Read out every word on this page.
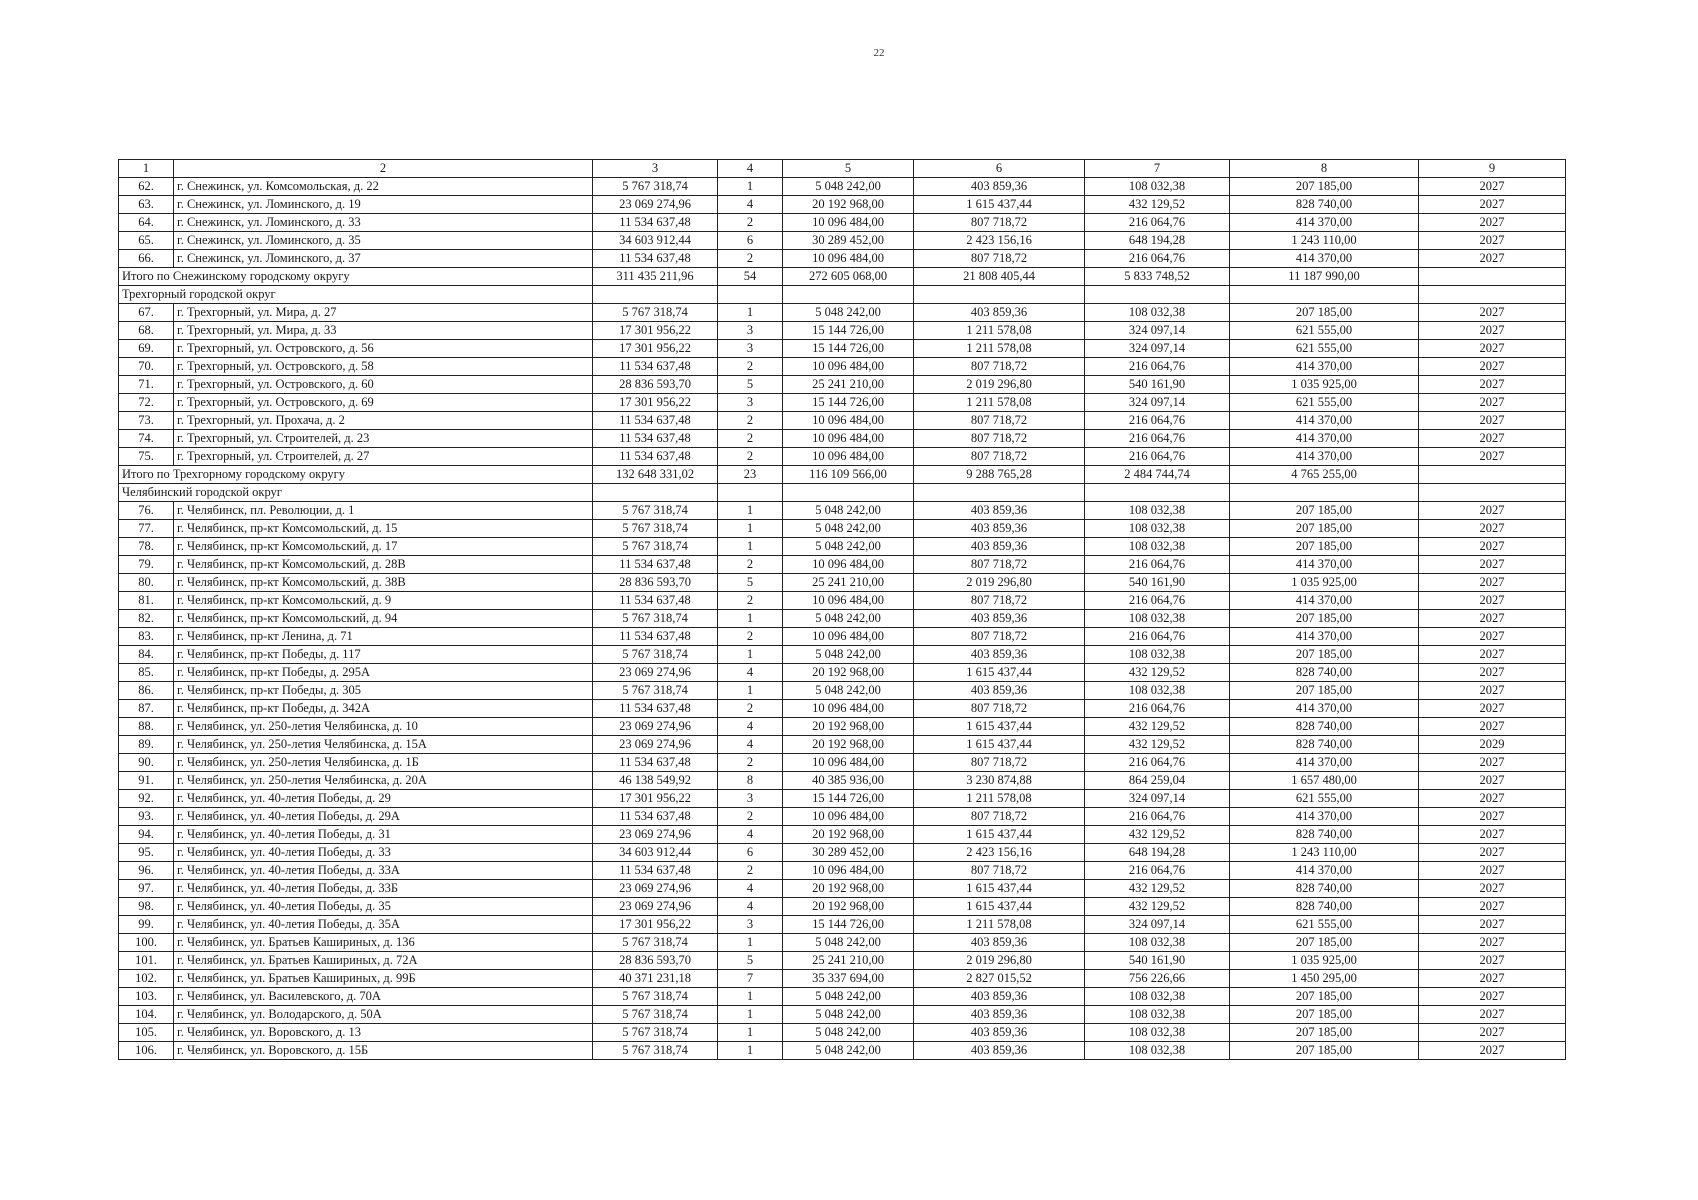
22
1	2	3	4	5	6	7	8	9
62.	г. Снежинск, ул. Комсомольская, д. 22	5 767 318,74	1	5 048 242,00	403 859,36	108 032,38	207 185,00	2027
63.	г. Снежинск, ул. Ломинского, д. 19	23 069 274,96	4	20 192 968,00	1 615 437,44	432 129,52	828 740,00	2027
64.	г. Снежинск, ул. Ломинского, д. 33	11 534 637,48	2	10 096 484,00	807 718,72	216 064,76	414 370,00	2027
65.	г. Снежинск, ул. Ломинского, д. 35	34 603 912,44	6	30 289 452,00	2 423 156,16	648 194,28	1 243 110,00	2027
66.	г. Снежинск, ул. Ломинского, д. 37	11 534 637,48	2	10 096 484,00	807 718,72	216 064,76	414 370,00	2027
Итого по Снежинскому городскому округу		311 435 211,96	54	272 605 068,00	21 808 405,44	5 833 748,52	11 187 990,00	
Трехгорный городской округ								
67.	г. Трехгорный, ул. Мира, д. 27	5 767 318,74	1	5 048 242,00	403 859,36	108 032,38	207 185,00	2027
68.	г. Трехгорный, ул. Мира, д. 33	17 301 956,22	3	15 144 726,00	1 211 578,08	324 097,14	621 555,00	2027
69.	г. Трехгорный, ул. Островского, д. 56	17 301 956,22	3	15 144 726,00	1 211 578,08	324 097,14	621 555,00	2027
70.	г. Трехгорный, ул. Островского, д. 58	11 534 637,48	2	10 096 484,00	807 718,72	216 064,76	414 370,00	2027
71.	г. Трехгорный, ул. Островского, д. 60	28 836 593,70	5	25 241 210,00	2 019 296,80	540 161,90	1 035 925,00	2027
72.	г. Трехгорный, ул. Островского, д. 69	17 301 956,22	3	15 144 726,00	1 211 578,08	324 097,14	621 555,00	2027
73.	г. Трехгорный, ул. Прохача, д. 2	11 534 637,48	2	10 096 484,00	807 718,72	216 064,76	414 370,00	2027
74.	г. Трехгорный, ул. Строителей, д. 23	11 534 637,48	2	10 096 484,00	807 718,72	216 064,76	414 370,00	2027
75.	г. Трехгорный, ул. Строителей, д. 27	11 534 637,48	2	10 096 484,00	807 718,72	216 064,76	414 370,00	2027
Итого по Трехгорному городскому округу		132 648 331,02	23	116 109 566,00	9 288 765,28	2 484 744,74	4 765 255,00	
Челябинский городской округ								
76.	г. Челябинск, пл. Революции, д. 1	5 767 318,74	1	5 048 242,00	403 859,36	108 032,38	207 185,00	2027
77.	г. Челябинск, пр-кт Комсомольский, д. 15	5 767 318,74	1	5 048 242,00	403 859,36	108 032,38	207 185,00	2027
78.	г. Челябинск, пр-кт Комсомольский, д. 17	5 767 318,74	1	5 048 242,00	403 859,36	108 032,38	207 185,00	2027
79.	г. Челябинск, пр-кт Комсомольский, д. 28В	11 534 637,48	2	10 096 484,00	807 718,72	216 064,76	414 370,00	2027
80.	г. Челябинск, пр-кт Комсомольский, д. 38В	28 836 593,70	5	25 241 210,00	2 019 296,80	540 161,90	1 035 925,00	2027
81.	г. Челябинск, пр-кт Комсомольский, д. 9	11 534 637,48	2	10 096 484,00	807 718,72	216 064,76	414 370,00	2027
82.	г. Челябинск, пр-кт Комсомольский, д. 94	5 767 318,74	1	5 048 242,00	403 859,36	108 032,38	207 185,00	2027
83.	г. Челябинск, пр-кт Ленина, д. 71	11 534 637,48	2	10 096 484,00	807 718,72	216 064,76	414 370,00	2027
84.	г. Челябинск, пр-кт Победы, д. 117	5 767 318,74	1	5 048 242,00	403 859,36	108 032,38	207 185,00	2027
85.	г. Челябинск, пр-кт Победы, д. 295А	23 069 274,96	4	20 192 968,00	1 615 437,44	432 129,52	828 740,00	2027
86.	г. Челябинск, пр-кт Победы, д. 305	5 767 318,74	1	5 048 242,00	403 859,36	108 032,38	207 185,00	2027
87.	г. Челябинск, пр-кт Победы, д. 342А	11 534 637,48	2	10 096 484,00	807 718,72	216 064,76	414 370,00	2027
88.	г. Челябинск, ул. 250-летия Челябинска, д. 10	23 069 274,96	4	20 192 968,00	1 615 437,44	432 129,52	828 740,00	2027
89.	г. Челябинск, ул. 250-летия Челябинска, д. 15А	23 069 274,96	4	20 192 968,00	1 615 437,44	432 129,52	828 740,00	2029
90.	г. Челябинск, ул. 250-летия Челябинска, д. 1Б	11 534 637,48	2	10 096 484,00	807 718,72	216 064,76	414 370,00	2027
91.	г. Челябинск, ул. 250-летия Челябинска, д. 20А	46 138 549,92	8	40 385 936,00	3 230 874,88	864 259,04	1 657 480,00	2027
92.	г. Челябинск, ул. 40-летия Победы, д. 29	17 301 956,22	3	15 144 726,00	1 211 578,08	324 097,14	621 555,00	2027
93.	г. Челябинск, ул. 40-летия Победы, д. 29А	11 534 637,48	2	10 096 484,00	807 718,72	216 064,76	414 370,00	2027
94.	г. Челябинск, ул. 40-летия Победы, д. 31	23 069 274,96	4	20 192 968,00	1 615 437,44	432 129,52	828 740,00	2027
95.	г. Челябинск, ул. 40-летия Победы, д. 33	34 603 912,44	6	30 289 452,00	2 423 156,16	648 194,28	1 243 110,00	2027
96.	г. Челябинск, ул. 40-летия Победы, д. 33А	11 534 637,48	2	10 096 484,00	807 718,72	216 064,76	414 370,00	2027
97.	г. Челябинск, ул. 40-летия Победы, д. 33Б	23 069 274,96	4	20 192 968,00	1 615 437,44	432 129,52	828 740,00	2027
98.	г. Челябинск, ул. 40-летия Победы, д. 35	23 069 274,96	4	20 192 968,00	1 615 437,44	432 129,52	828 740,00	2027
99.	г. Челябинск, ул. 40-летия Победы, д. 35А	17 301 956,22	3	15 144 726,00	1 211 578,08	324 097,14	621 555,00	2027
100.	г. Челябинск, ул. Братьев Кашириных, д. 136	5 767 318,74	1	5 048 242,00	403 859,36	108 032,38	207 185,00	2027
101.	г. Челябинск, ул. Братьев Кашириных, д. 72А	28 836 593,70	5	25 241 210,00	2 019 296,80	540 161,90	1 035 925,00	2027
102.	г. Челябинск, ул. Братьев Кашириных, д. 99Б	40 371 231,18	7	35 337 694,00	2 827 015,52	756 226,66	1 450 295,00	2027
103.	г. Челябинск, ул. Василевского, д. 70А	5 767 318,74	1	5 048 242,00	403 859,36	108 032,38	207 185,00	2027
104.	г. Челябинск, ул. Володарского, д. 50А	5 767 318,74	1	5 048 242,00	403 859,36	108 032,38	207 185,00	2027
105.	г. Челябинск, ул. Воровского, д. 13	5 767 318,74	1	5 048 242,00	403 859,36	108 032,38	207 185,00	2027
106.	г. Челябинск, ул. Воровского, д. 15Б	5 767 318,74	1	5 048 242,00	403 859,36	108 032,38	207 185,00	2027
